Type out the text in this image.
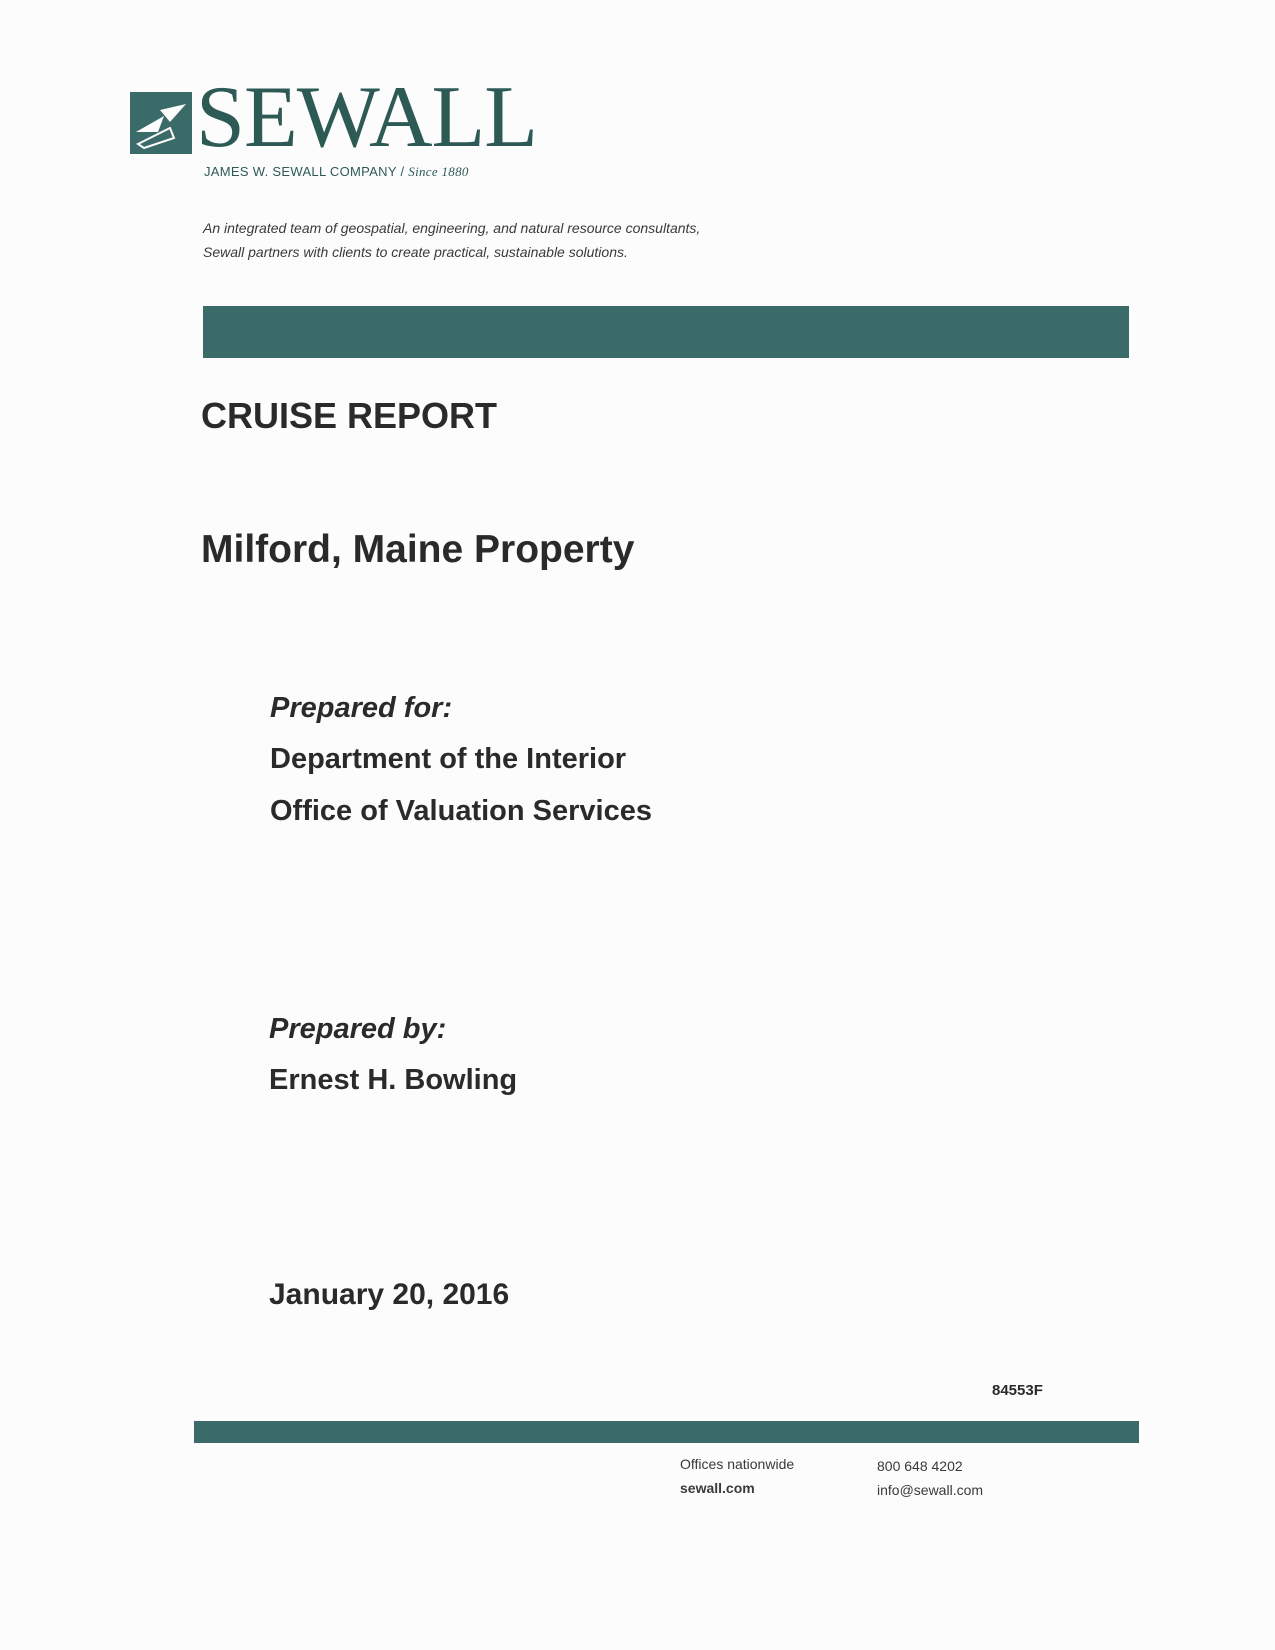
SEWALL
JAMES W. SEWALL COMPANY / Since 1880
An integrated team of geospatial, engineering, and natural resource consultants,
Sewall partners with clients to create practical, sustainable solutions.
CRUISE REPORT
Milford, Maine Property
Prepared for:
Department of the Interior
Office of Valuation Services
Prepared by:
Ernest H. Bowling
January 20, 2016
84553F
Offices nationwide
sewall.com
800 648 4202
info@sewall.com
